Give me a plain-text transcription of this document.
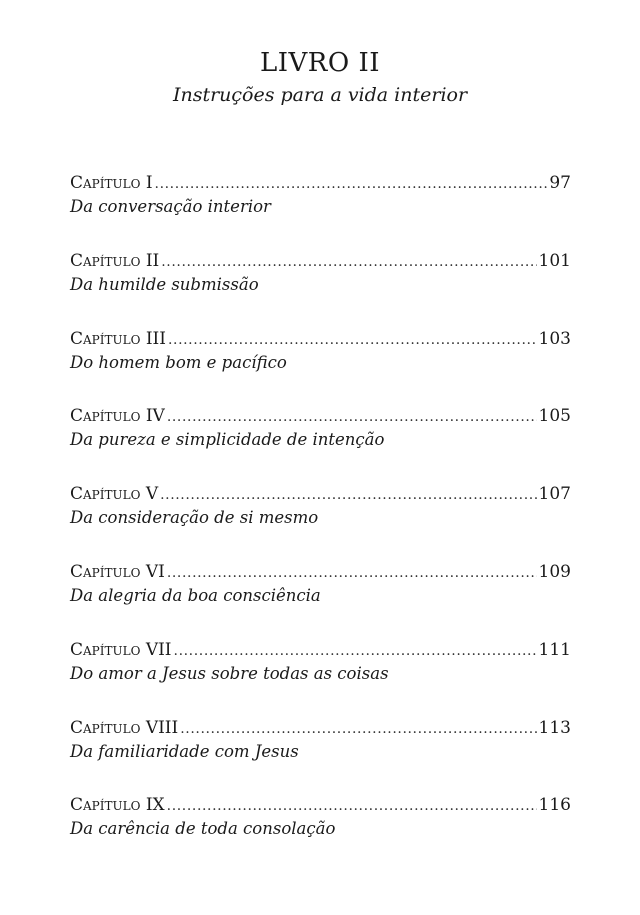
LIVRO II
Instruções para a vida interior
Capítulo I .....	97
Da conversação interior
Capítulo II .....	101
Da humilde submissão
Capítulo III .....	103
Do homem bom e pacífico
Capítulo IV .....	105
Da pureza e simplicidade de intenção
Capítulo V .....	107
Da consideração de si mesmo
Capítulo VI .....	109
Da alegria da boa consciência
Capítulo VII .....	111
Do amor a Jesus sobre todas as coisas
Capítulo VIII .....	113
Da familiaridade com Jesus
Capítulo IX .....	116
Da carência de toda consolação
